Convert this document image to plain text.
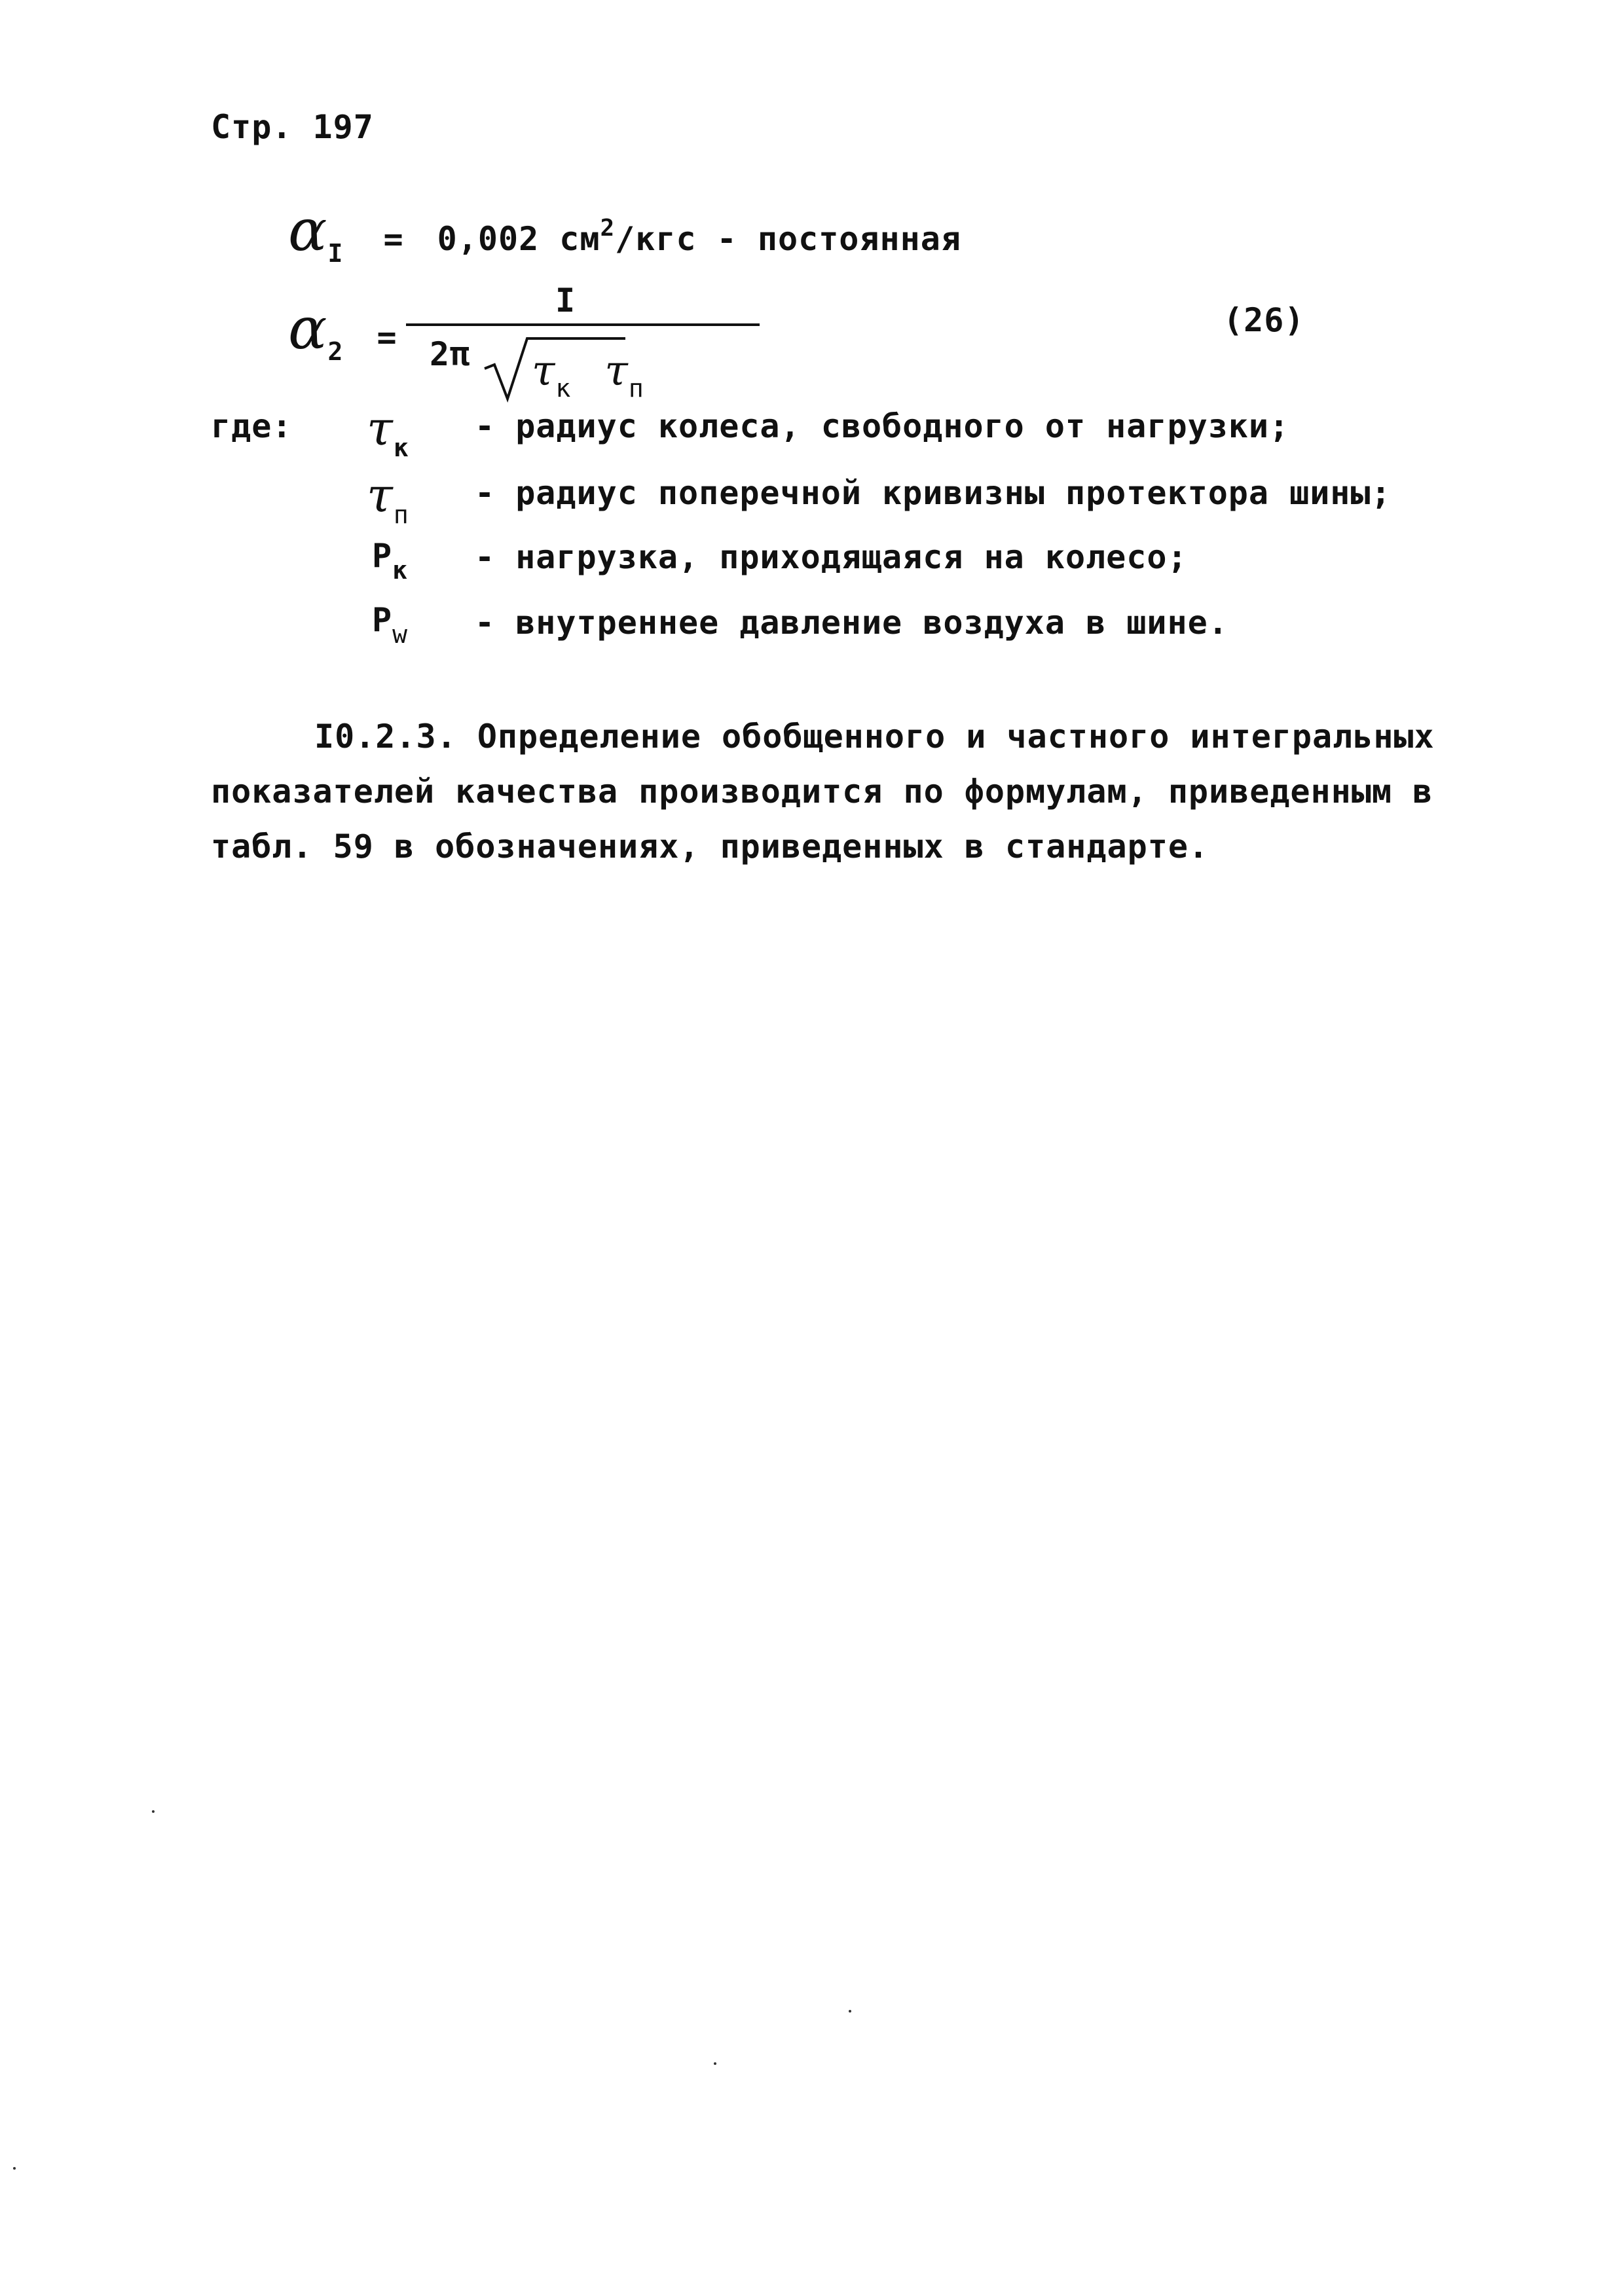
Стр. 197
$\alpha_I = 0,002$ $см^2$/кгс - постоянная
$\alpha_2$ =
I
2π $\tau_к$ $\tau_п$
(26)
где: $\tau_к$
- радиус колеса, свободного от нагрузки;
$\tau_п$
- радиус поперечной кривизны протектора шины;
$P_к$ - нагрузка, приходящаяся на колесо;
$P_w$ - внутреннее давление воздуха в шине.
I0.2.3. Определение обобщенного и частного интегральных
показателей качества производится по формулам, приведенным в
табл. 59 в обозначениях, приведенных в стандарте.
